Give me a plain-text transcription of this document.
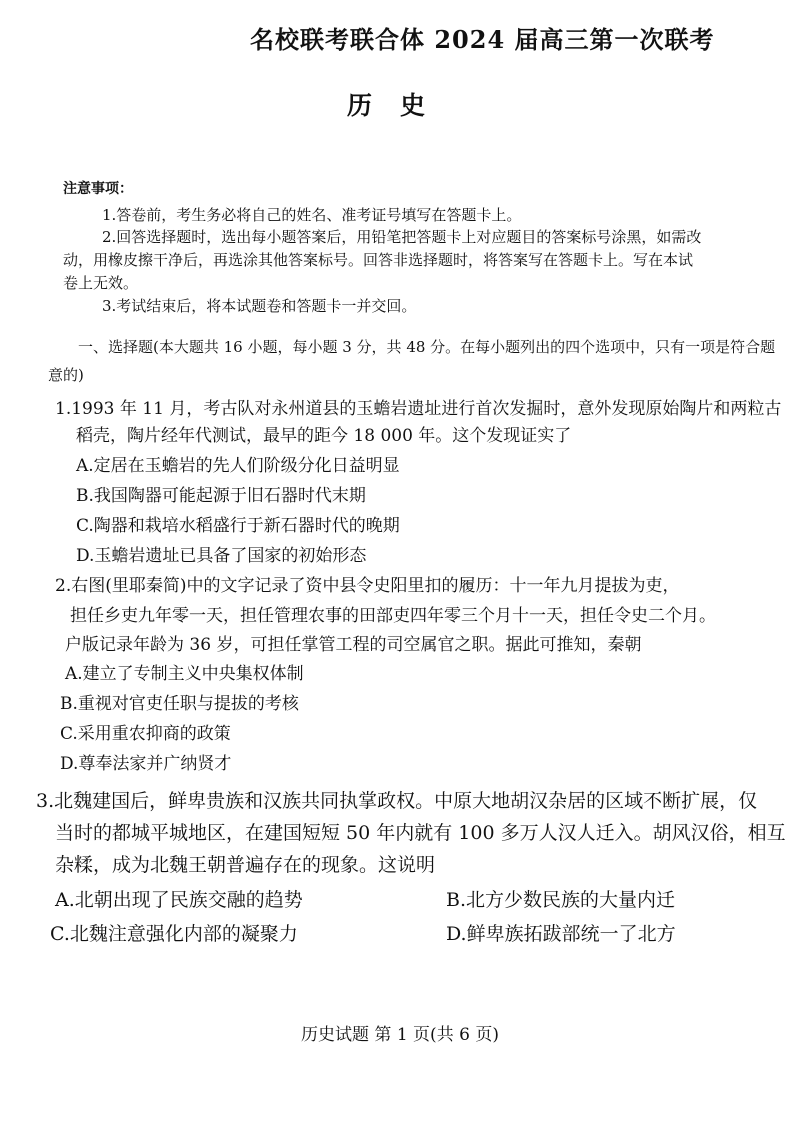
名校联考联合体 2024 届高三第一次联考
历史
注意事项：
1.答卷前，考生务必将自己的姓名、准考证号填写在答题卡上。
2.回答选择题时，选出每小题答案后，用铅笔把答题卡上对应题目的答案标号涂黑，如需改
动，用橡皮擦干净后，再选涂其他答案标号。回答非选择题时，将答案写在答题卡上。写在本试
卷上无效。
3.考试结束后，将本试题卷和答题卡一并交回。
一、选择题(本大题共 16 小题，每小题 3 分，共 48 分。在每小题列出的四个选项中，只有一项是符合题意的)
1.1993 年 11 月，考古队对永州道县的玉蟾岩遗址进行首次发掘时，意外发现原始陶片和两粒古
稻壳，陶片经年代测试，最早的距今 18 000 年。这个发现证实了
A.定居在玉蟾岩的先人们阶级分化日益明显
B.我国陶器可能起源于旧石器时代末期
C.陶器和栽培水稻盛行于新石器时代的晚期
D.玉蟾岩遗址已具备了国家的初始形态
2.右图(里耶秦简)中的文字记录了资中县令史阳里扣的履历：十一年九月提拔为吏，
担任乡吏九年零一天，担任管理农事的田部吏四年零三个月十一天，担任令史二个月。
户版记录年龄为 36 岁，可担任掌管工程的司空属官之职。据此可推知，秦朝
A.建立了专制主义中央集权体制
B.重视对官吏任职与提拔的考核
C.采用重农抑商的政策
D.尊奉法家并广纳贤才
3.北魏建国后，鲜卑贵族和汉族共同执掌政权。中原大地胡汉杂居的区域不断扩展，仅
当时的都城平城地区，在建国短短 50 年内就有 100 多万人汉人迁入。胡风汉俗，相互
杂糅，成为北魏王朝普遍存在的现象。这说明
A.北朝出现了民族交融的趋势	B.北方少数民族的大量内迁
C.北魏注意强化内部的凝聚力	D.鲜卑族拓跋部统一了北方
历史试题 第 1 页(共 6 页)
